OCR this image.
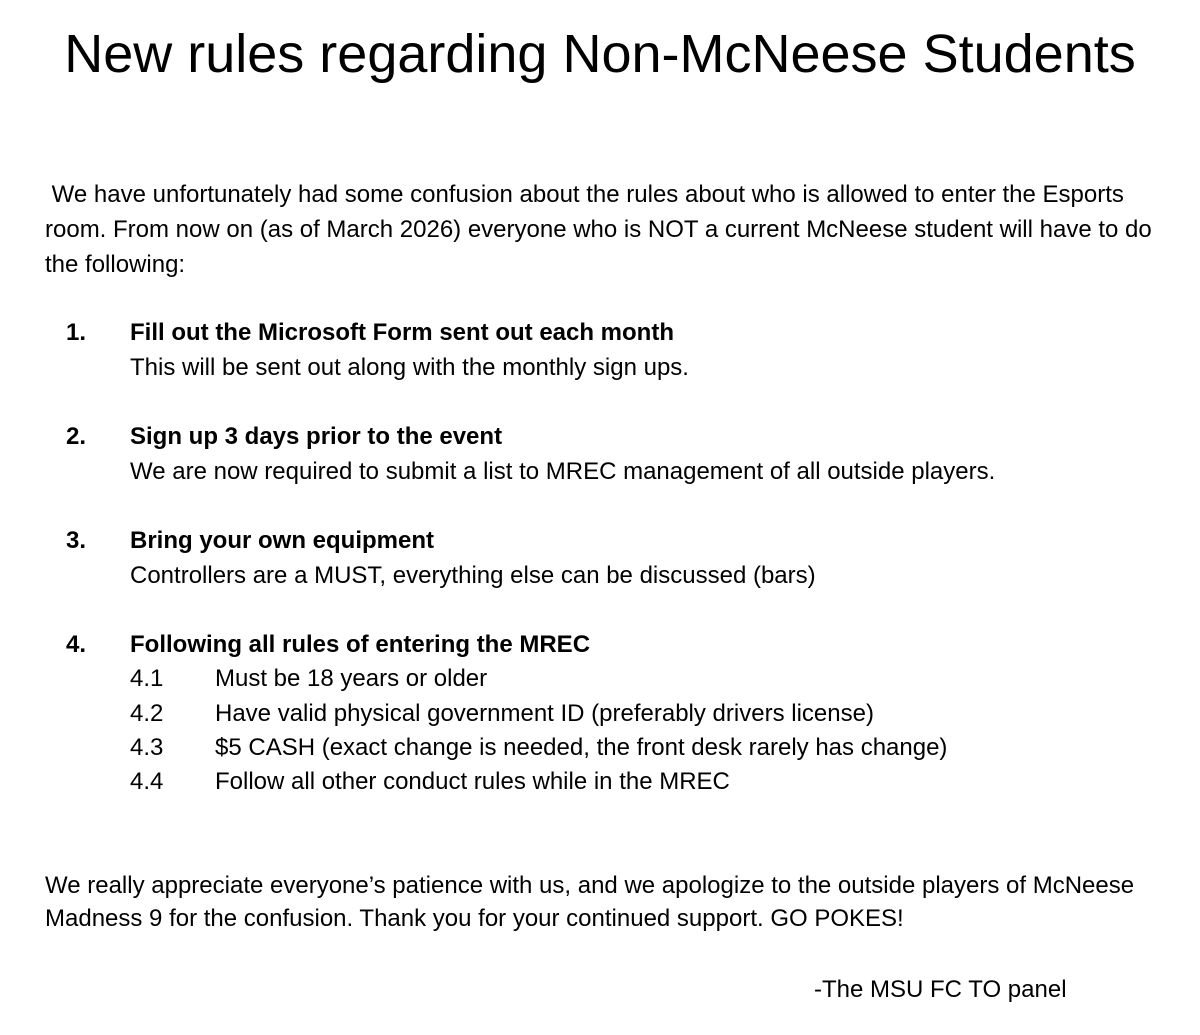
New rules regarding Non-McNeese Students
We have unfortunately had some confusion about the rules about who is allowed to enter the Esports room. From now on (as of March 2026) everyone who is NOT a current McNeese student will have to do the following:
1. Fill out the Microsoft Form sent out each month
This will be sent out along with the monthly sign ups.
2. Sign up 3 days prior to the event
We are now required to submit a list to MREC management of all outside players.
3. Bring your own equipment
Controllers are a MUST, everything else can be discussed (bars)
4. Following all rules of entering the MREC
4.1 Must be 18 years or older
4.2 Have valid physical government ID (preferably drivers license)
4.3 $5 CASH (exact change is needed, the front desk rarely has change)
4.4 Follow all other conduct rules while in the MREC
We really appreciate everyone’s patience with us, and we apologize to the outside players of McNeese Madness 9 for the confusion. Thank you for your continued support. GO POKES!
-The MSU FC TO panel
